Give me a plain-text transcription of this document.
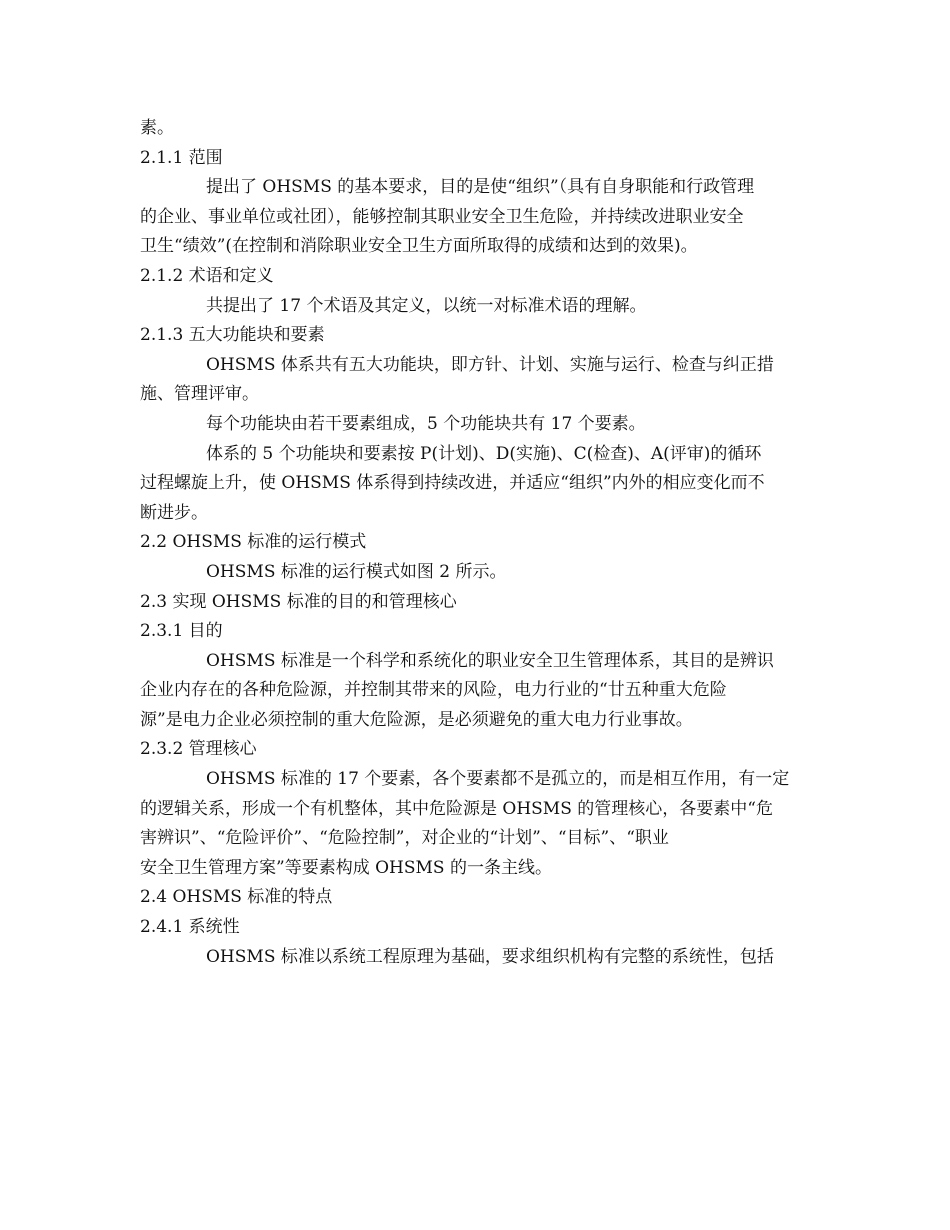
素。
2.1.1 范围
提出了 OHSMS 的基本要求，目的是使“组织”（具有自身职能和行政管理
的企业、事业单位或社团），能够控制其职业安全卫生危险，并持续改进职业安全
卫生“绩效”(在控制和消除职业安全卫生方面所取得的成绩和达到的效果)。
2.1.2 术语和定义
共提出了 17 个术语及其定义，以统一对标准术语的理解。
2.1.3 五大功能块和要素
OHSMS 体系共有五大功能块，即方针、计划、实施与运行、检查与纠正措
施、管理评审。
每个功能块由若干要素组成，5 个功能块共有 17 个要素。
体系的 5 个功能块和要素按 P(计划)、D(实施)、C(检查)、A(评审)的循环
过程螺旋上升，使 OHSMS 体系得到持续改进，并适应“组织”内外的相应变化而不
断进步。
2.2 OHSMS 标准的运行模式
OHSMS 标准的运行模式如图 2 所示。
2.3 实现 OHSMS 标准的目的和管理核心
2.3.1 目的
OHSMS 标准是一个科学和系统化的职业安全卫生管理体系，其目的是辨识
企业内存在的各种危险源，并控制其带来的风险，电力行业的“廿五种重大危险
源”是电力企业必须控制的重大危险源，是必须避免的重大电力行业事故。
2.3.2 管理核心
OHSMS 标准的 17 个要素，各个要素都不是孤立的，而是相互作用，有一定
的逻辑关系，形成一个有机整体，其中危险源是 OHSMS 的管理核心，各要素中“危
害辨识”、“危险评价”、“危险控制”，对企业的“计划”、“目标”、“职业
安全卫生管理方案”等要素构成 OHSMS 的一条主线。
2.4 OHSMS 标准的特点
2.4.1 系统性
OHSMS 标准以系统工程原理为基础，要求组织机构有完整的系统性，包括
